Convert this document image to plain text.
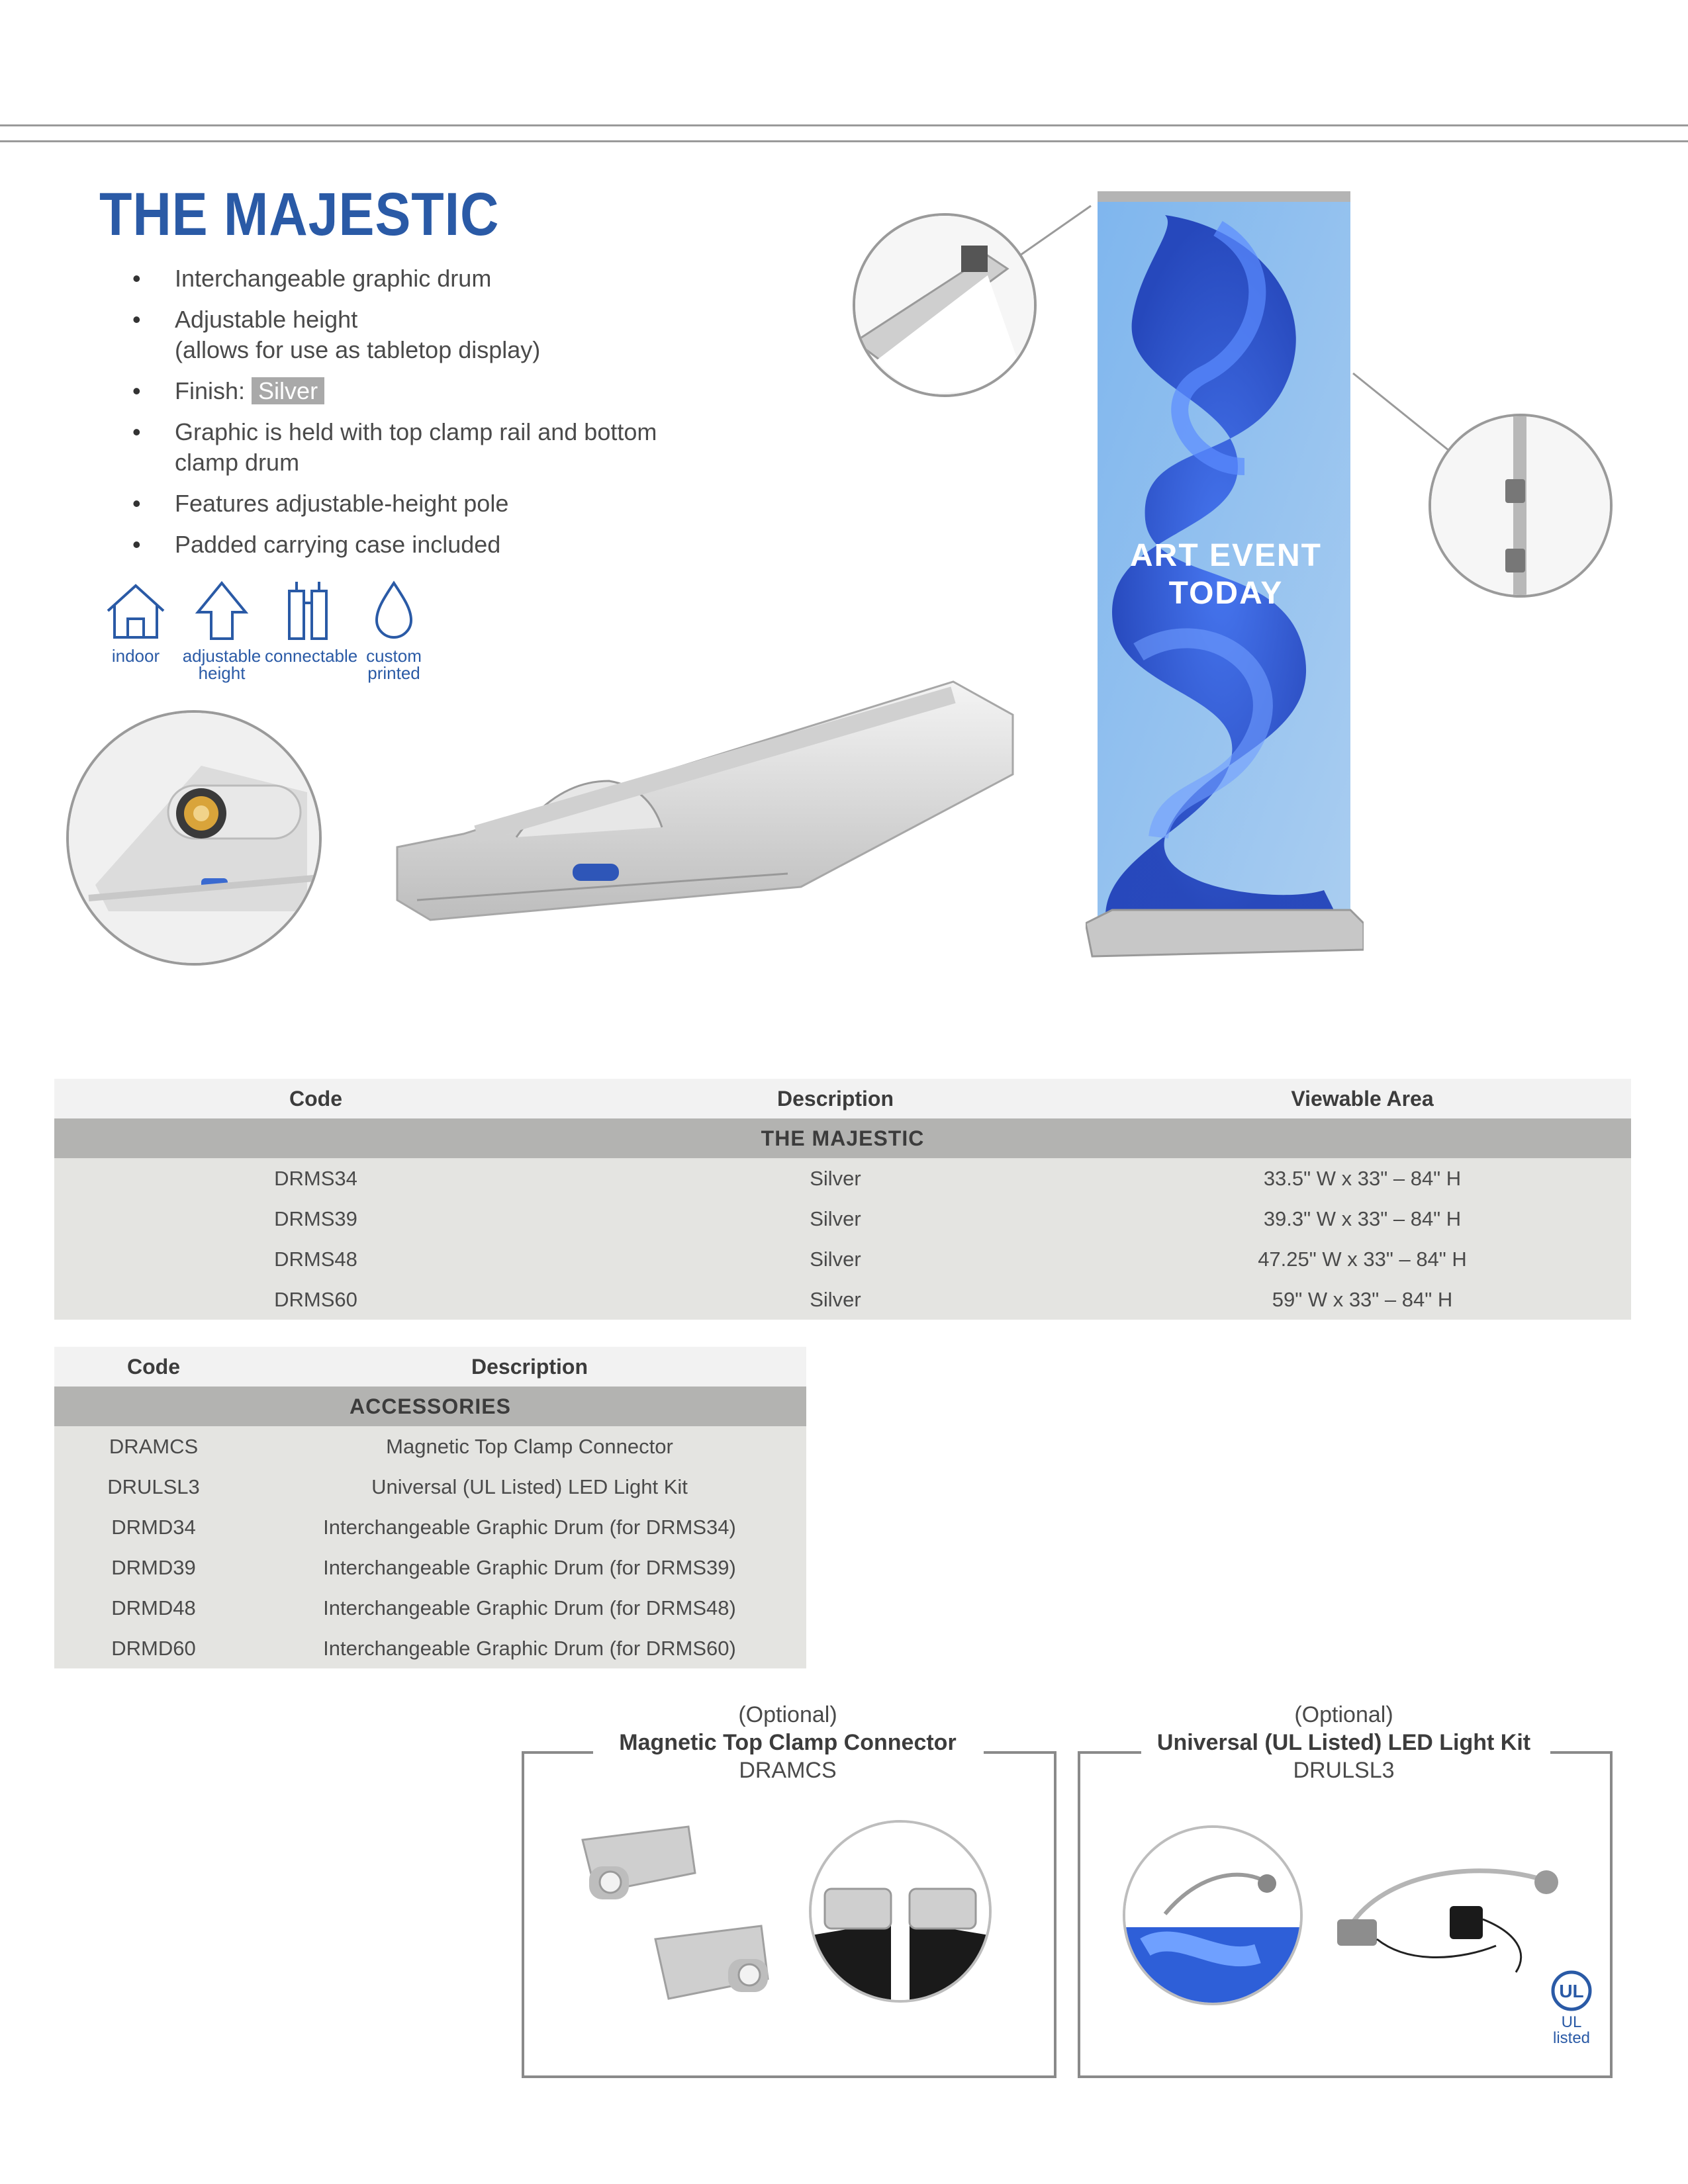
THE MAJESTIC
• Interchangeable graphic drum
• Adjustable height
(allows for use as tabletop display)
• Finish: Silver
• Graphic is held with top clamp rail and bottom
clamp drum
• Features adjustable-height pole
• Padded carrying case included
indoor	adjustable
height
connectable custom
printed
ART EVENT
TODAY
Code	Description	Viewable Area
THE MAJESTIC		
DRMS34	Silver	33.5" W x 33" – 84" H
DRMS39	Silver	39.3" W x 33" – 84" H
DRMS48	Silver	47.25" W x 33" – 84" H
DRMS60	Silver	59" W x 33" – 84" H
Code	Description
ACCESSORIES	
DRAMCS	Magnetic Top Clamp Connector
DRULSL3	Universal (UL Listed) LED Light Kit
DRMD34	Interchangeable Graphic Drum (for DRMS34)
DRMD39	Interchangeable Graphic Drum (for DRMS39)
DRMD48	Interchangeable Graphic Drum (for DRMS48)
DRMD60	Interchangeable Graphic Drum (for DRMS60)
(Optional)
Magnetic Top Clamp Connector
DRAMCS
(Optional)
Universal (UL Listed) LED Light Kit
DRULSL3
UL
UL
listed
